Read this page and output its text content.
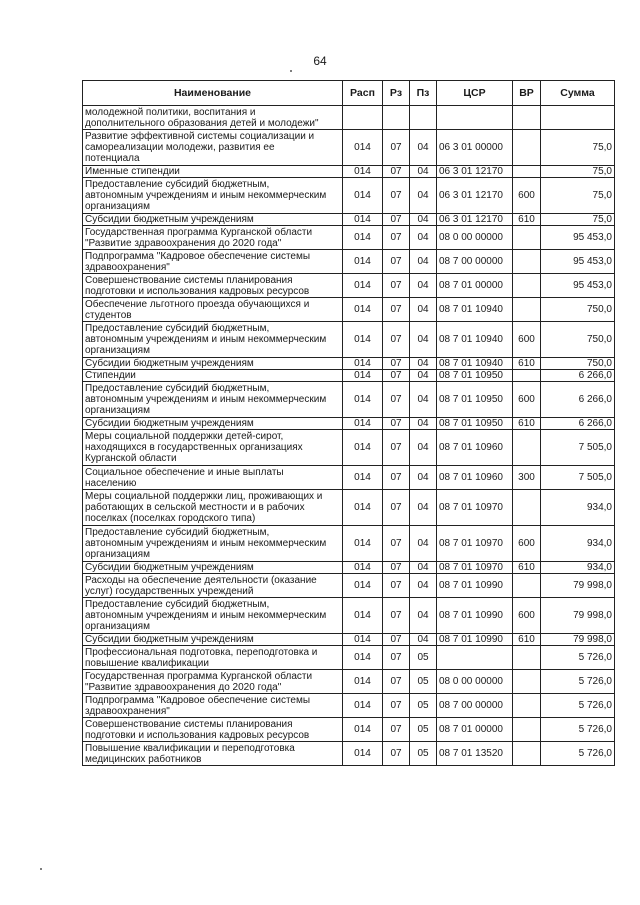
64
Наименование	Расп	Рз	Пз	ЦСР	ВР	Сумма
молодежной политики, воспитания и
дополнительного образования детей и молодежи"						
Развитие эффективной системы социализации и
самореализации молодежи, развития ее
потенциала	014	07	04	06 3 01 00000		75,0
Именные стипендии	014	07	04	06 3 01 12170		75,0
Предоставление субсидий бюджетным,
автономным учреждениям и иным некоммерческим
организациям	014	07	04	06 3 01 12170	600	75,0
Субсидии бюджетным учреждениям	014	07	04	06 3 01 12170	610	75,0
Государственная программа Курганской области
"Развитие здравоохранения до 2020 года"	014	07	04	08 0 00 00000		95 453,0
Подпрограмма "Кадровое обеспечение системы
здравоохранения"	014	07	04	08 7 00 00000		95 453,0
Совершенствование системы планирования
подготовки и использования кадровых ресурсов	014	07	04	08 7 01 00000		95 453,0
Обеспечение льготного проезда обучающихся и
студентов	014	07	04	08 7 01 10940		750,0
Предоставление субсидий бюджетным,
автономным учреждениям и иным некоммерческим
организациям	014	07	04	08 7 01 10940	600	750,0
Субсидии бюджетным учреждениям	014	07	04	08 7 01 10940	610	750,0
Стипендии	014	07	04	08 7 01 10950		6 266,0
Предоставление субсидий бюджетным,
автономным учреждениям и иным некоммерческим
организациям	014	07	04	08 7 01 10950	600	6 266,0
Субсидии бюджетным учреждениям	014	07	04	08 7 01 10950	610	6 266,0
Меры социальной поддержки детей-сирот,
находящихся в государственных организациях
Курганской области	014	07	04	08 7 01 10960		7 505,0
Социальное обеспечение и иные выплаты
населению	014	07	04	08 7 01 10960	300	7 505,0
Меры социальной поддержки лиц, проживающих и
работающих в сельской местности и в рабочих
поселках (поселках городского типа)	014	07	04	08 7 01 10970		934,0
Предоставление субсидий бюджетным,
автономным учреждениям и иным некоммерческим
организациям	014	07	04	08 7 01 10970	600	934,0
Субсидии бюджетным учреждениям	014	07	04	08 7 01 10970	610	934,0
Расходы на обеспечение деятельности (оказание
услуг) государственных учреждений	014	07	04	08 7 01 10990		79 998,0
Предоставление субсидий бюджетным,
автономным учреждениям и иным некоммерческим
организациям	014	07	04	08 7 01 10990	600	79 998,0
Субсидии бюджетным учреждениям	014	07	04	08 7 01 10990	610	79 998,0
Профессиональная подготовка, переподготовка и
повышение квалификации	014	07	05			5 726,0
Государственная программа Курганской области
"Развитие здравоохранения до 2020 года"	014	07	05	08 0 00 00000		5 726,0
Подпрограмма "Кадровое обеспечение системы
здравоохранения"	014	07	05	08 7 00 00000		5 726,0
Совершенствование системы планирования
подготовки и использования кадровых ресурсов	014	07	05	08 7 01 00000		5 726,0
Повышение квалификации и переподготовка
медицинских работников	014	07	05	08 7 01 13520		5 726,0
